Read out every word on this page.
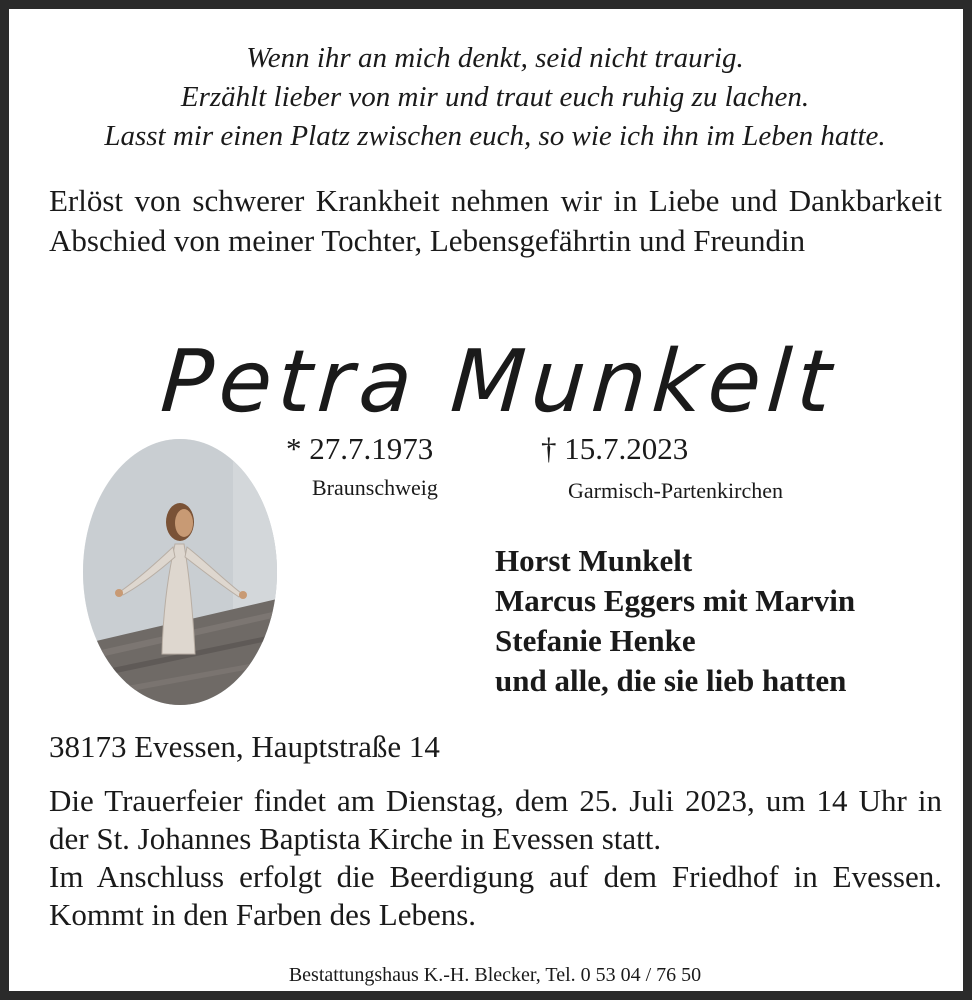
Wenn ihr an mich denkt, seid nicht traurig.
Erzählt lieber von mir und traut euch ruhig zu lachen.
Lasst mir einen Platz zwischen euch, so wie ich ihn im Leben hatte.
Erlöst von schwerer Krankheit nehmen wir in Liebe und Dankbarkeit Abschied von meiner Tochter, Lebensgefährtin und Freundin
Petra Munkelt
* 27.7.1973	† 15.7.2023
Braunschweig	Garmisch-Partenkirchen
Horst Munkelt
Marcus Eggers mit Marvin
Stefanie Henke
und alle, die sie lieb hatten
38173 Evessen, Hauptstraße 14

Die Trauerfeier findet am Dienstag, dem 25. Juli 2023, um 14 Uhr in der St. Johannes Baptista Kirche in Evessen statt.

Im Anschluss erfolgt die Beerdigung auf dem Friedhof in Evessen. Kommt in den Farben des Lebens.

Bestattungshaus K.-H. Blecker, Tel. 0 53 04 / 76 50
